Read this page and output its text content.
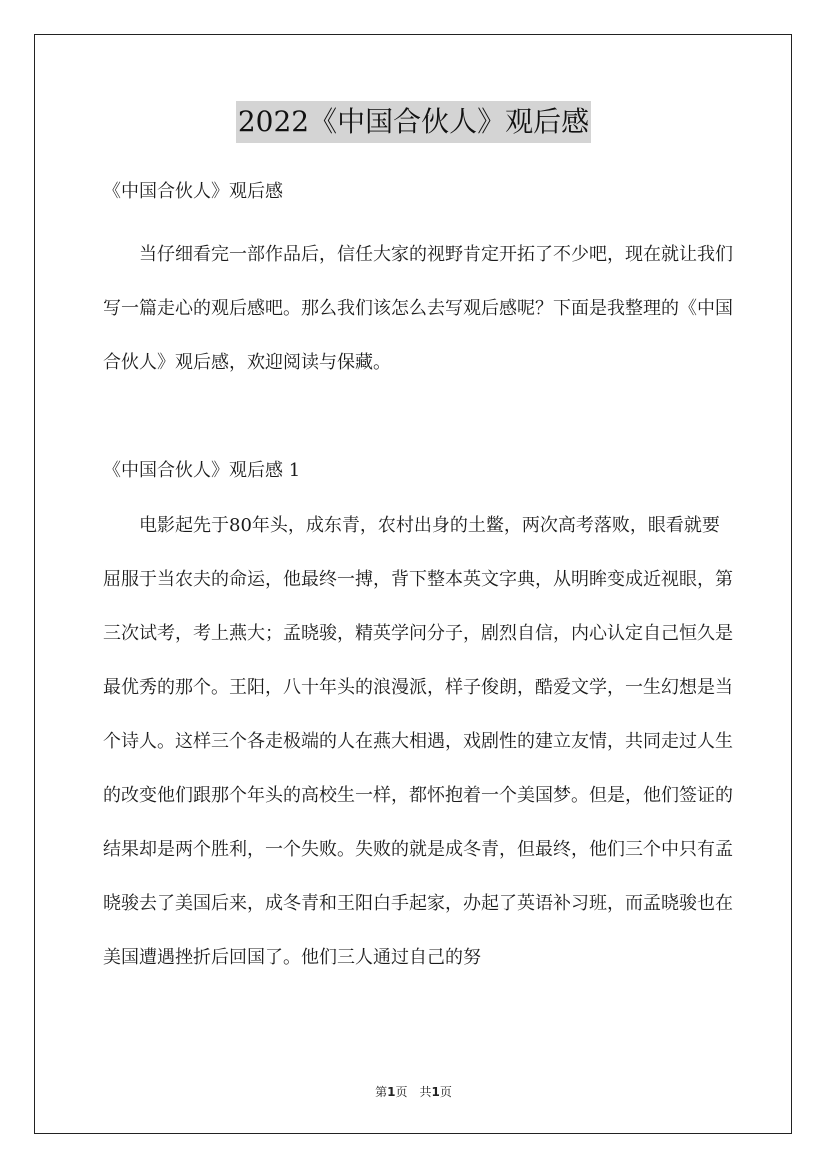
2022《中国合伙人》观后感

《中国合伙人》观后感

当仔细看完一部作品后，信任大家的视野肯定开拓了不少吧，现在就让我们写一篇走心的观后感吧。那么我们该怎么去写观后感呢？下面是我整理的《中国合伙人》观后感，欢迎阅读与保藏。

《中国合伙人》观后感 1

电影起先于80年头，成东青，农村出身的土鳖，两次高考落败，眼看就要屈服于当农夫的命运，他最终一搏，背下整本英文字典，从明眸变成近视眼，第三次试考，考上燕大；孟晓骏，精英学问分子，剧烈自信，内心认定自己恒久是最优秀的那个。王阳，八十年头的浪漫派，样子俊朗，酷爱文学，一生幻想是当个诗人。这样三个各走极端的人在燕大相遇，戏剧性的建立友情，共同走过人生的改变他们跟那个年头的高校生一样，都怀抱着一个美国梦。但是，他们签证的结果却是两个胜利，一个失败。失败的就是成冬青，但最终，他们三个中只有孟晓骏去了美国后来，成冬青和王阳白手起家，办起了英语补习班，而孟晓骏也在美国遭遇挫折后回国了。他们三人通过自己的努

第1页 共1页
